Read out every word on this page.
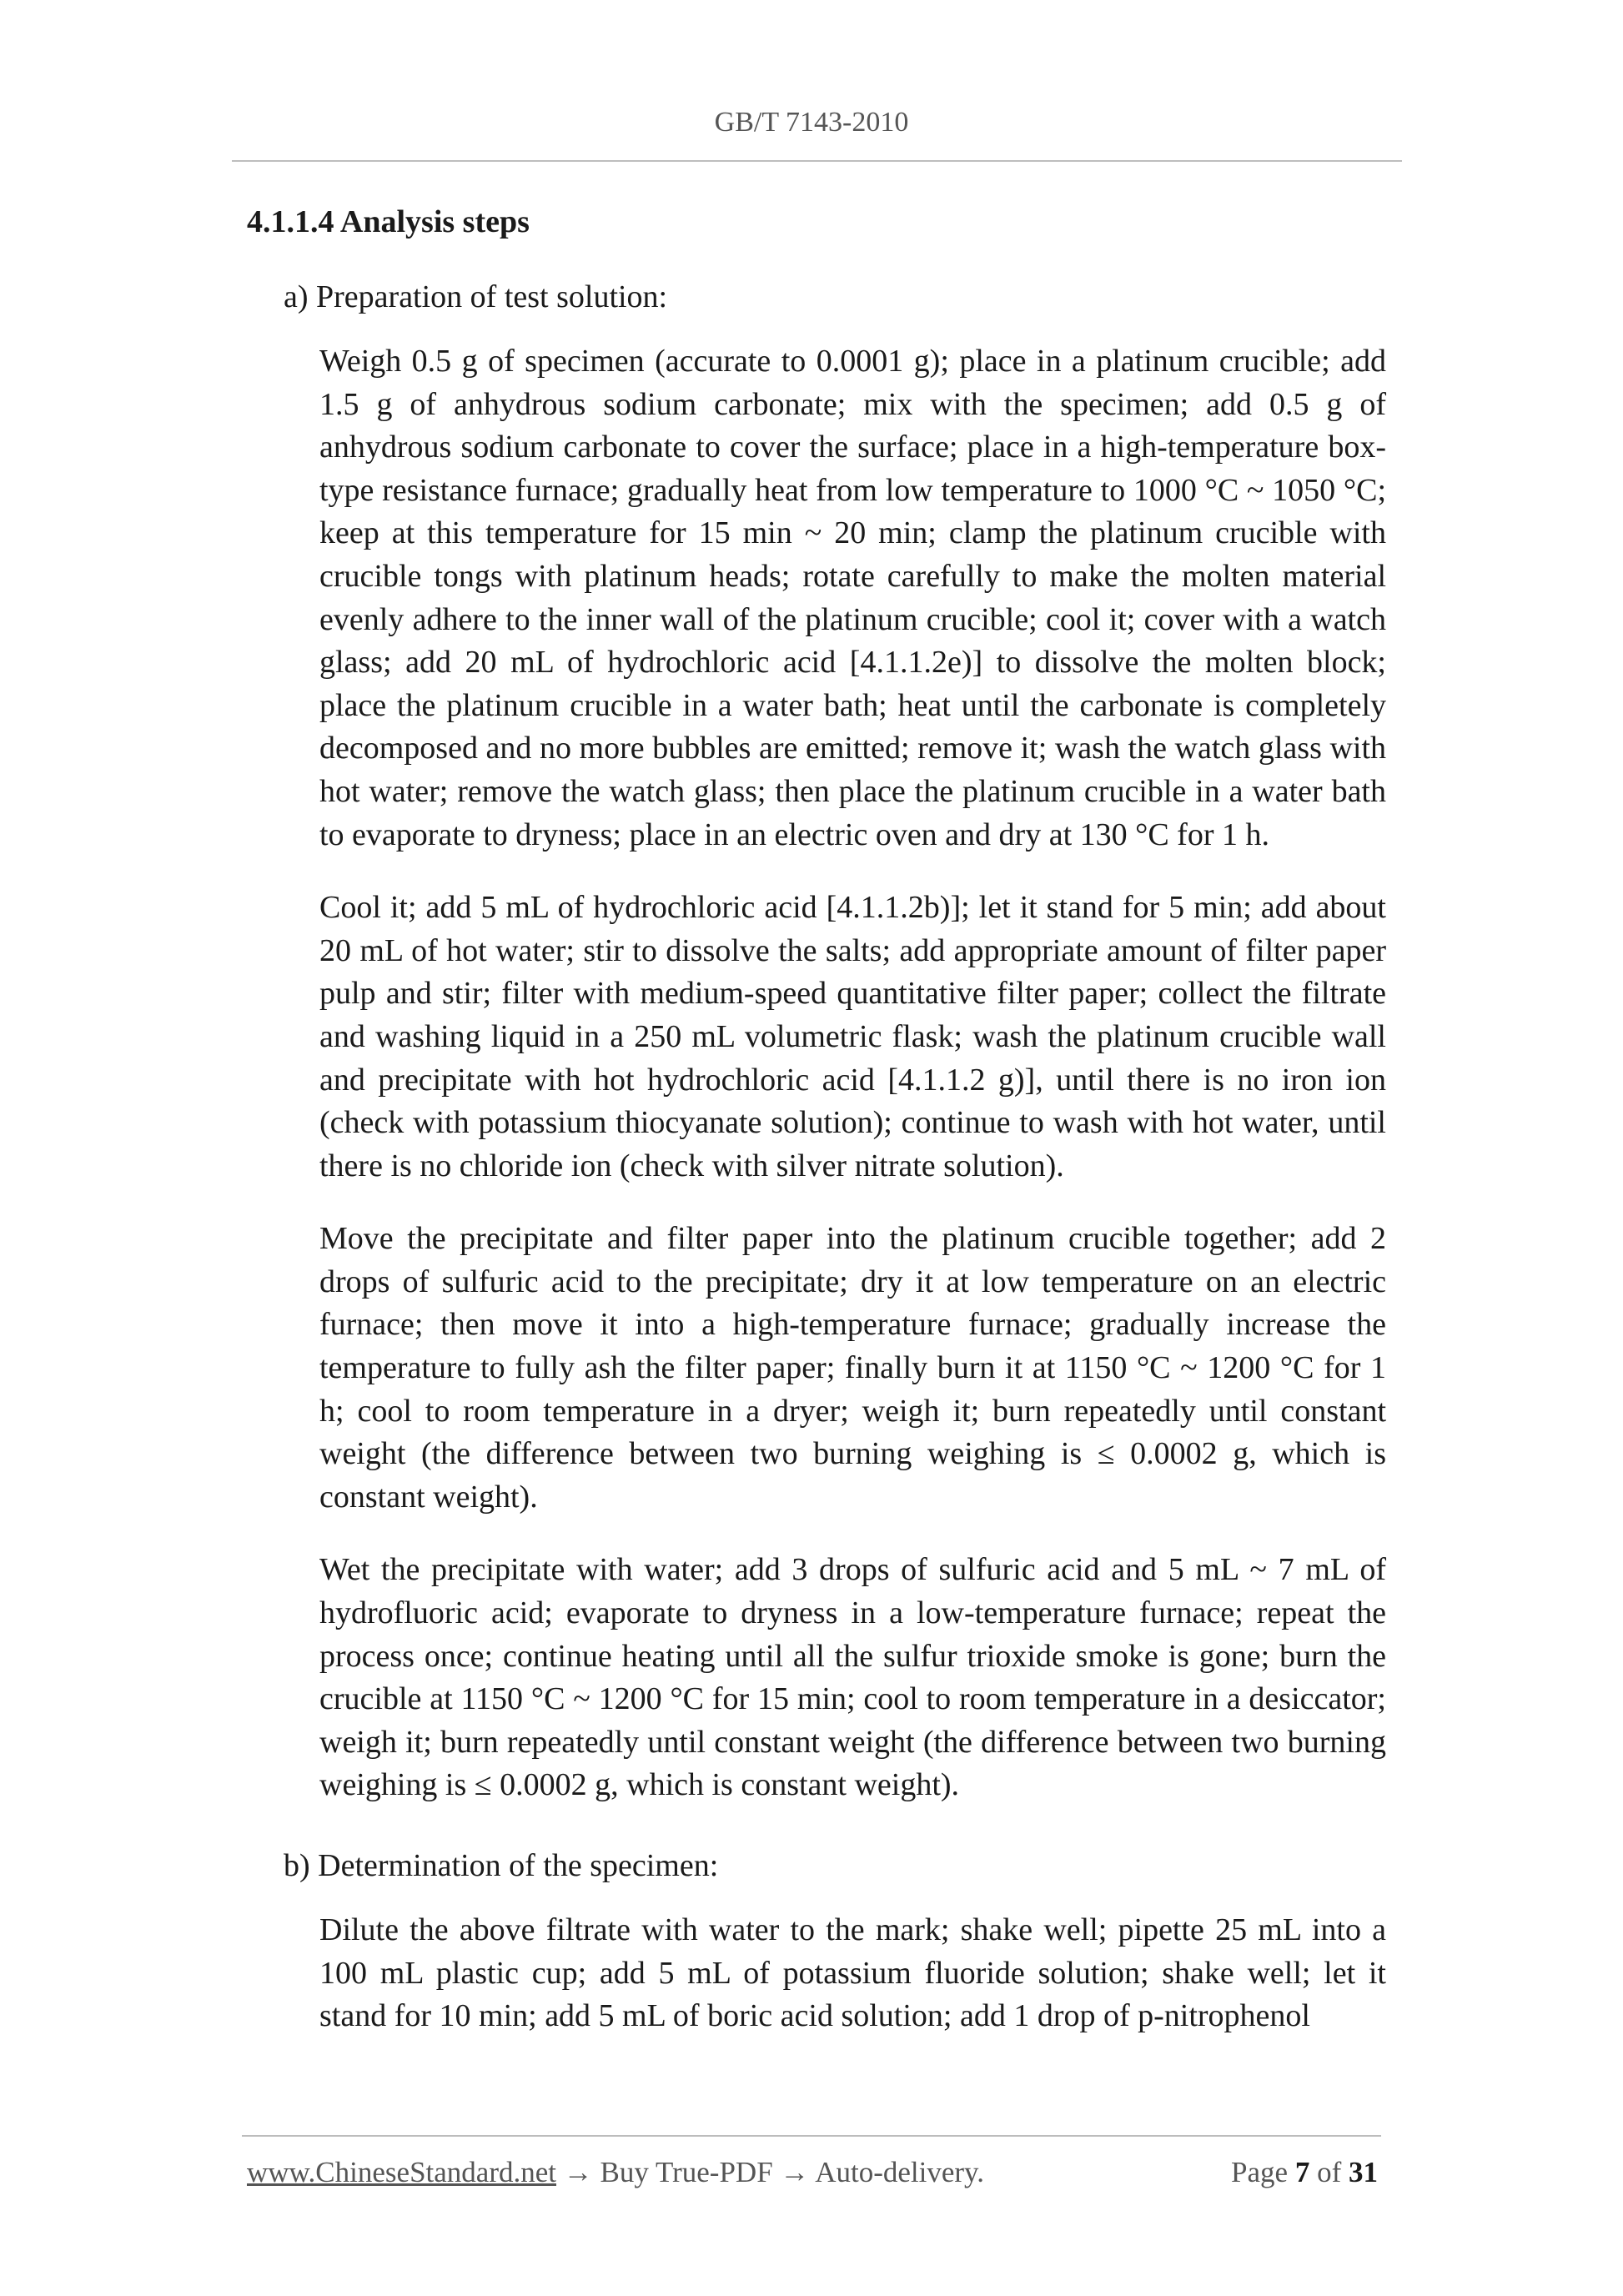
GB/T 7143-2010
4.1.1.4 Analysis steps
a) Preparation of test solution:

Weigh 0.5 g of specimen (accurate to 0.0001 g); place in a platinum crucible; add 1.5 g of anhydrous sodium carbonate; mix with the specimen; add 0.5 g of anhydrous sodium carbonate to cover the surface; place in a high-temperature box-type resistance furnace; gradually heat from low temperature to 1000 °C ~ 1050 °C; keep at this temperature for 15 min ~ 20 min; clamp the platinum crucible with crucible tongs with platinum heads; rotate carefully to make the molten material evenly adhere to the inner wall of the platinum crucible; cool it; cover with a watch glass; add 20 mL of hydrochloric acid [4.1.1.2e)] to dissolve the molten block; place the platinum crucible in a water bath; heat until the carbonate is completely decomposed and no more bubbles are emitted; remove it; wash the watch glass with hot water; remove the watch glass; then place the platinum crucible in a water bath to evaporate to dryness; place in an electric oven and dry at 130 °C for 1 h.

Cool it; add 5 mL of hydrochloric acid [4.1.1.2b)]; let it stand for 5 min; add about 20 mL of hot water; stir to dissolve the salts; add appropriate amount of filter paper pulp and stir; filter with medium-speed quantitative filter paper; collect the filtrate and washing liquid in a 250 mL volumetric flask; wash the platinum crucible wall and precipitate with hot hydrochloric acid [4.1.1.2 g)], until there is no iron ion (check with potassium thiocyanate solution); continue to wash with hot water, until there is no chloride ion (check with silver nitrate solution).

Move the precipitate and filter paper into the platinum crucible together; add 2 drops of sulfuric acid to the precipitate; dry it at low temperature on an electric furnace; then move it into a high-temperature furnace; gradually increase the temperature to fully ash the filter paper; finally burn it at 1150 °C ~ 1200 °C for 1 h; cool to room temperature in a dryer; weigh it; burn repeatedly until constant weight (the difference between two burning weighing is ≤ 0.0002 g, which is constant weight).

Wet the precipitate with water; add 3 drops of sulfuric acid and 5 mL ~ 7 mL of hydrofluoric acid; evaporate to dryness in a low-temperature furnace; repeat the process once; continue heating until all the sulfur trioxide smoke is gone; burn the crucible at 1150 °C ~ 1200 °C for 15 min; cool to room temperature in a desiccator; weigh it; burn repeatedly until constant weight (the difference between two burning weighing is ≤ 0.0002 g, which is constant weight).

b) Determination of the specimen:

Dilute the above filtrate with water to the mark; shake well; pipette 25 mL into a 100 mL plastic cup; add 5 mL of potassium fluoride solution; shake well; let it stand for 10 min; add 5 mL of boric acid solution; add 1 drop of p-nitrophenol

www.ChineseStandard.net → Buy True-PDF → Auto-delivery.	Page 7 of 31
